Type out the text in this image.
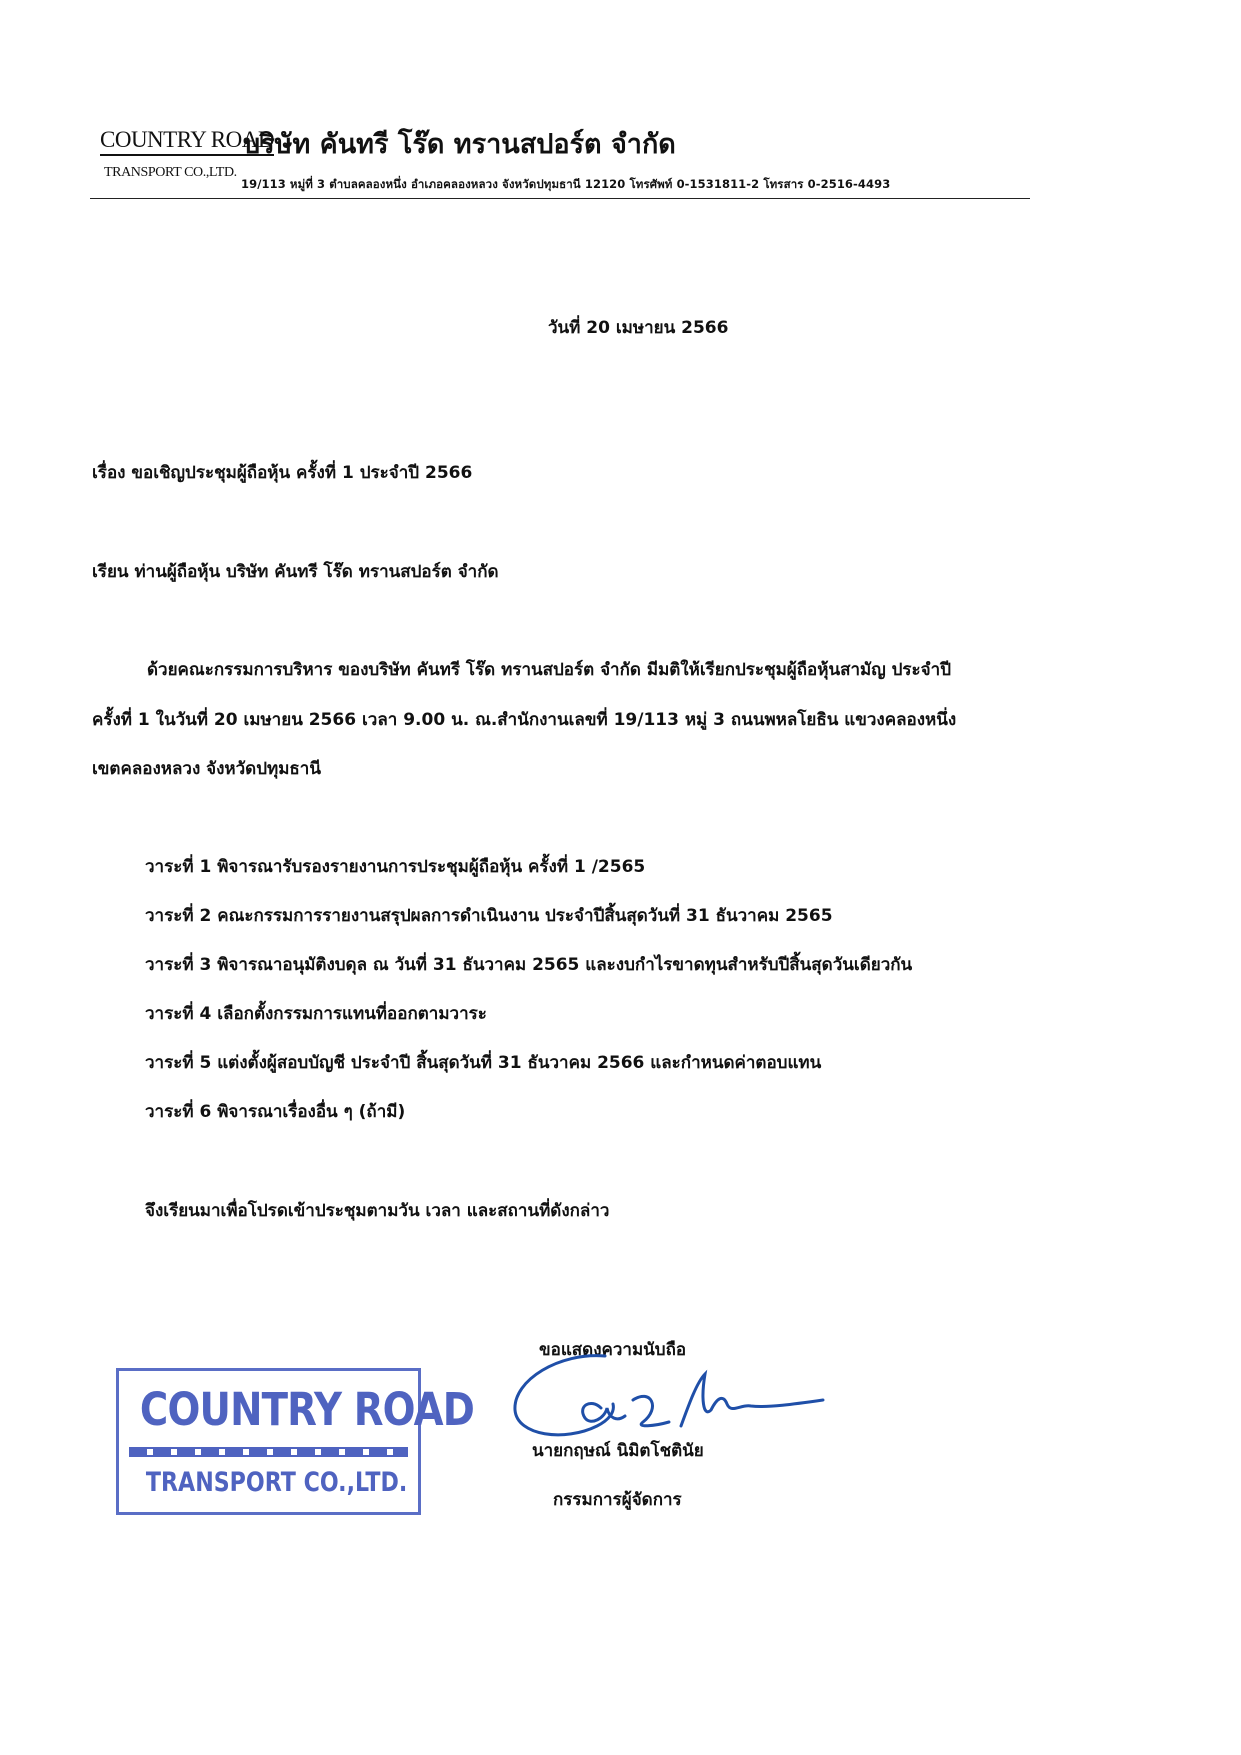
COUNTRY ROAD
TRANSPORT CO.,LTD.
บริษัท คันทรี โร๊ด ทรานสปอร์ต จำกัด
19/113 หมู่ที่ 3 ตำบลคลองหนึ่ง อำเภอคลองหลวง จังหวัดปทุมธานี 12120 โทรศัพท์ 0-1531811-2 โทรสาร 0-2516-4493
วันที่ 20 เมษายน 2566
เรื่อง ขอเชิญประชุมผู้ถือหุ้น ครั้งที่ 1 ประจำปี 2566
เรียน ท่านผู้ถือหุ้น บริษัท คันทรี โร๊ด ทรานสปอร์ต จำกัด
ด้วยคณะกรรมการบริหาร ของบริษัท คันทรี โร๊ด ทรานสปอร์ต จำกัด มีมติให้เรียกประชุมผู้ถือหุ้นสามัญ ประจำปี
ครั้งที่ 1 ในวันที่ 20 เมษายน 2566 เวลา 9.00 น. ณ.สำนักงานเลขที่ 19/113 หมู่ 3 ถนนพหลโยธิน แขวงคลองหนึ่ง
เขตคลองหลวง จังหวัดปทุมธานี
วาระที่ 1 พิจารณารับรองรายงานการประชุมผู้ถือหุ้น ครั้งที่ 1 /2565
วาระที่ 2 คณะกรรมการรายงานสรุปผลการดำเนินงาน ประจำปีสิ้นสุดวันที่ 31 ธันวาคม 2565
วาระที่ 3 พิจารณาอนุมัติงบดุล ณ วันที่ 31 ธันวาคม 2565 และงบกำไรขาดทุนสำหรับปีสิ้นสุดวันเดียวกัน
วาระที่ 4 เลือกตั้งกรรมการแทนที่ออกตามวาระ
วาระที่ 5 แต่งตั้งผู้สอบบัญชี ประจำปี สิ้นสุดวันที่ 31 ธันวาคม 2566 และกำหนดค่าตอบแทน
วาระที่ 6 พิจารณาเรื่องอื่น ๆ (ถ้ามี)
จึงเรียนมาเพื่อโปรดเข้าประชุมตามวัน เวลา และสถานที่ดังกล่าว
ขอแสดงความนับถือ
นายกฤษณ์ นิมิตโชตินัย
กรรมการผู้จัดการ
COUNTRY ROAD
TRANSPORT CO.,LTD.
